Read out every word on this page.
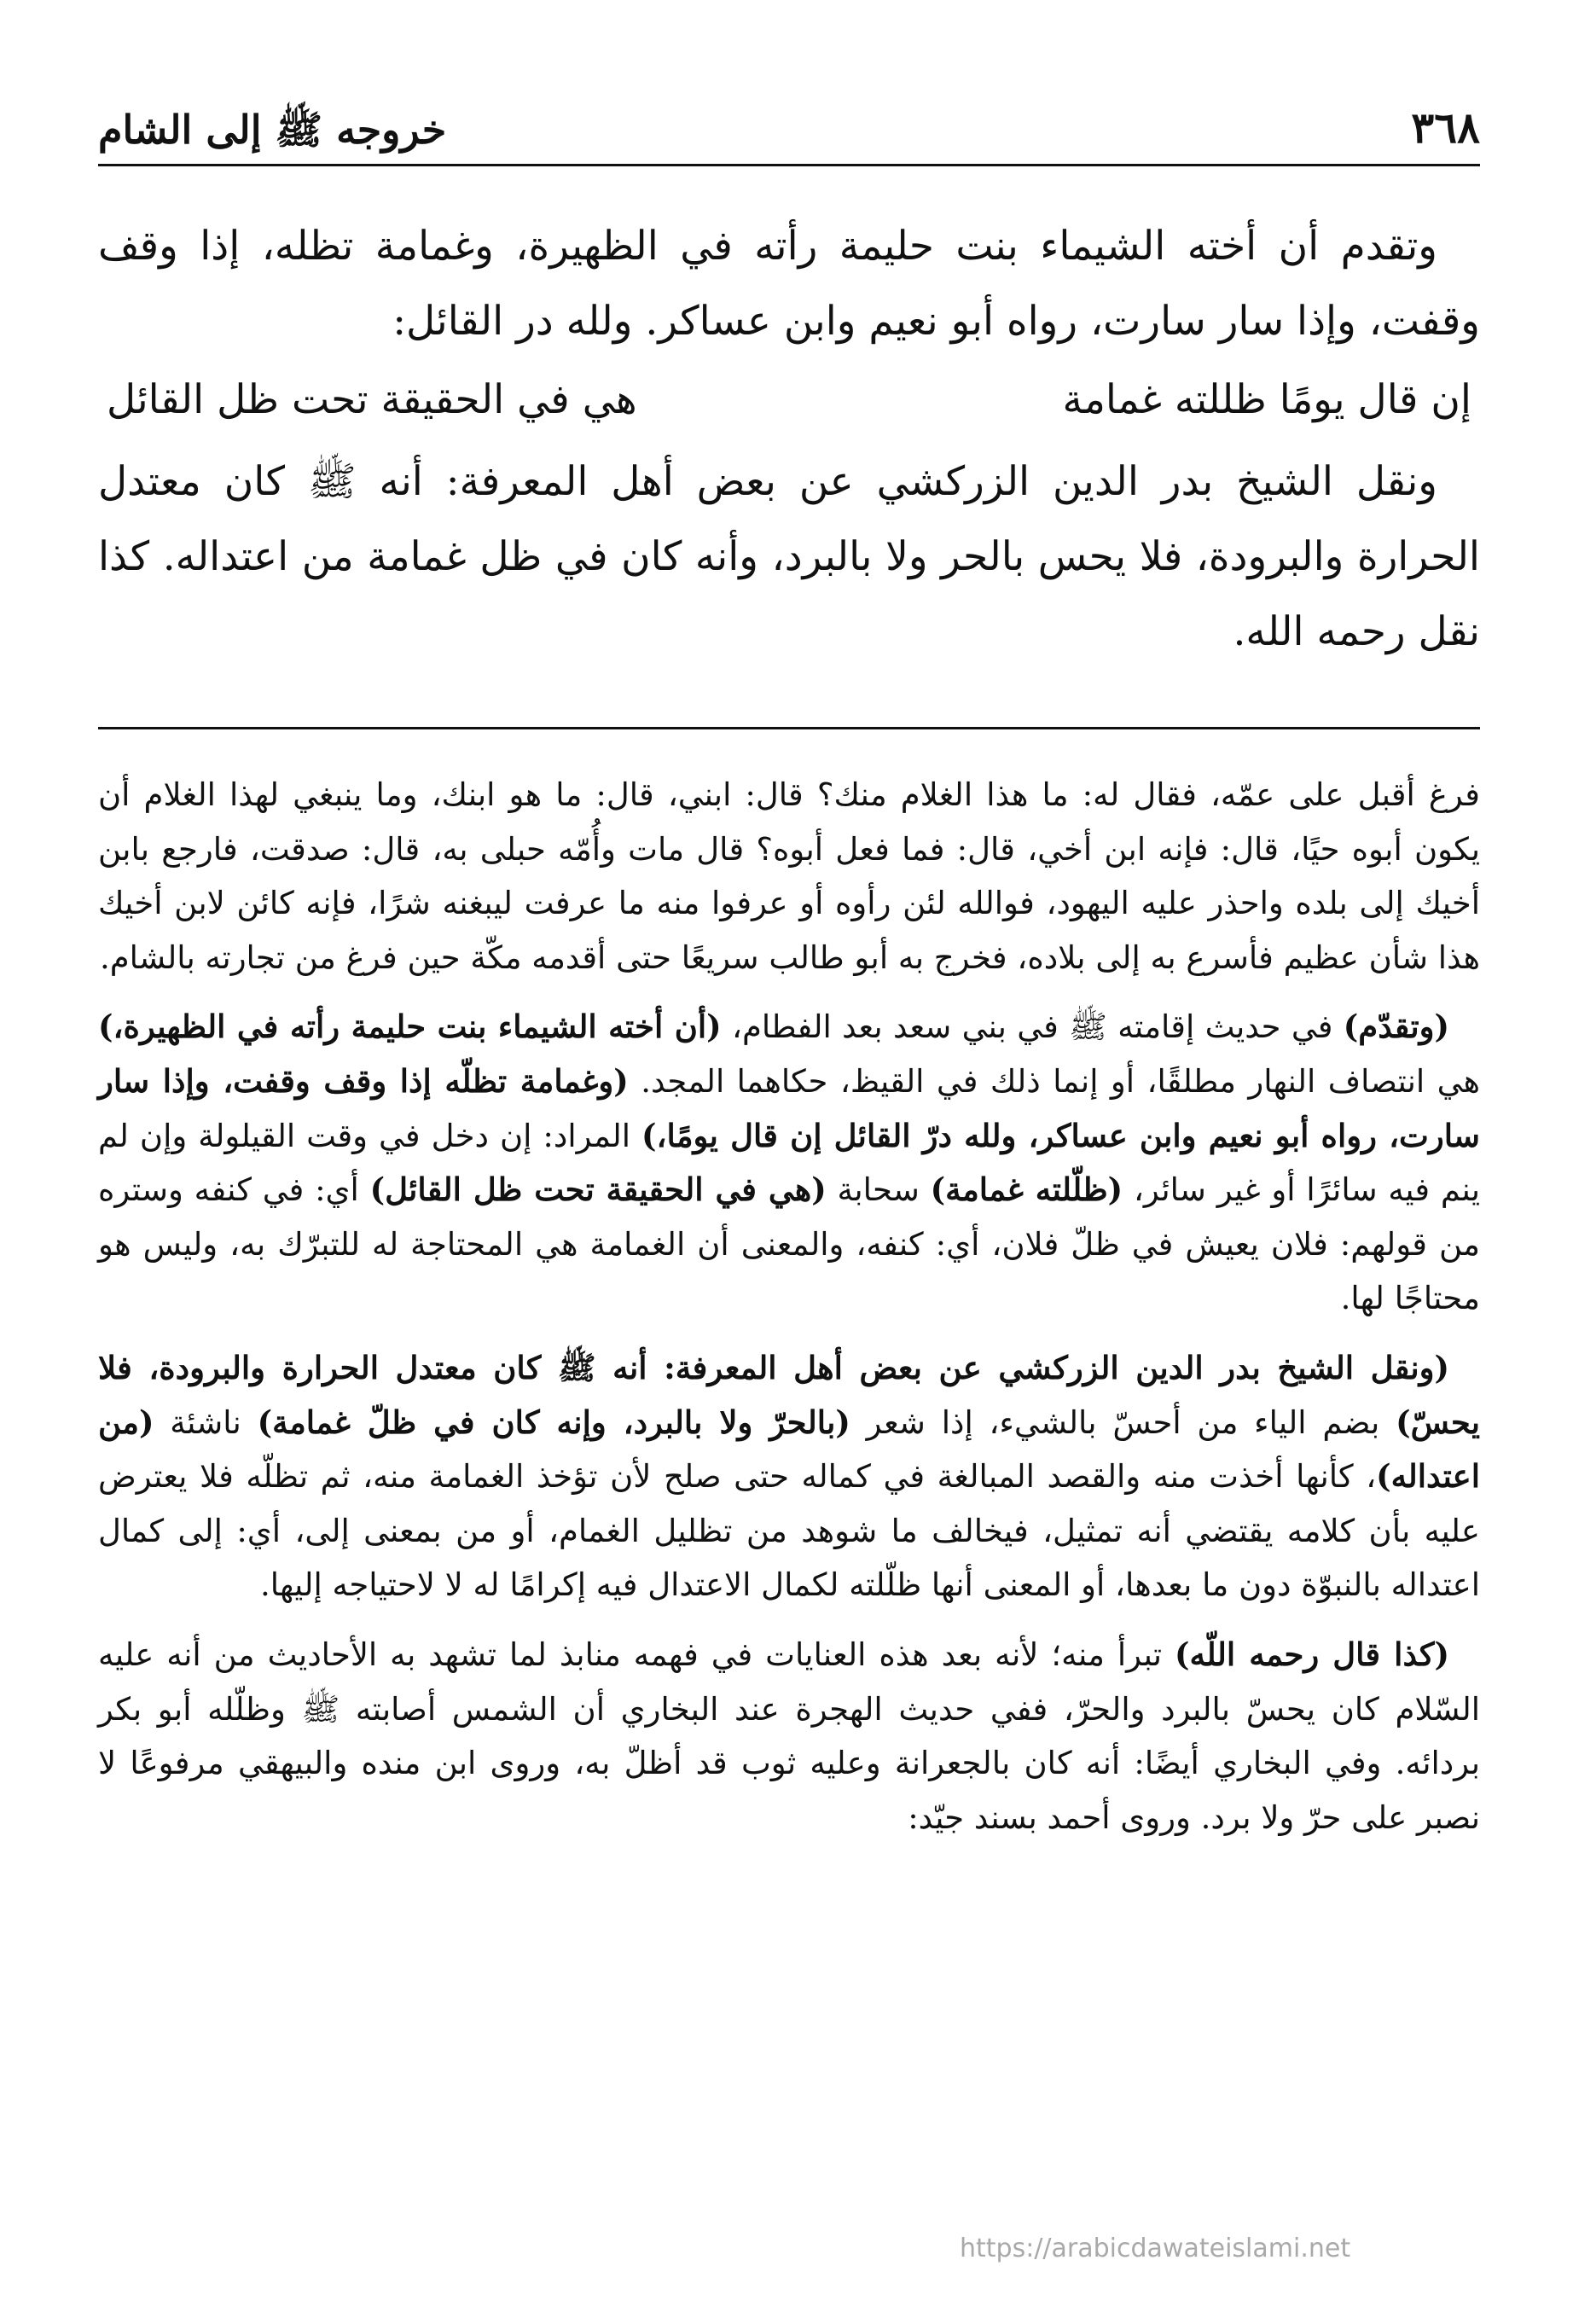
٣٦٨
خروجه ﷺ إلى الشام

وتقدم أن أخته الشيماء بنت حليمة رأته في الظهيرة، وغمامة تظله، إذا وقف وقفت، وإذا سار سارت، رواه أبو نعيم وابن عساكر. ولله در القائل:

إن قال يومًا ظللته غمامة
هي في الحقيقة تحت ظل القائل

ونقل الشيخ بدر الدين الزركشي عن بعض أهل المعرفة: أنه ﷺ كان معتدل الحرارة والبرودة، فلا يحس بالحر ولا بالبرد، وأنه كان في ظل غمامة من اعتداله. كذا نقل رحمه الله.

فرغ أقبل على عمّه، فقال له: ما هذا الغلام منك؟ قال: ابني، قال: ما هو ابنك، وما ينبغي لهذا الغلام أن يكون أبوه حيًا، قال: فإنه ابن أخي، قال: فما فعل أبوه؟ قال مات وأُمّه حبلى به، قال: صدقت، فارجع بابن أخيك إلى بلده واحذر عليه اليهود، فوالله لئن رأوه أو عرفوا منه ما عرفت ليبغنه شرًا، فإنه كائن لابن أخيك هذا شأن عظيم فأسرع به إلى بلاده، فخرج به أبو طالب سريعًا حتى أقدمه مكّة حين فرغ من تجارته بالشام.

(وتقدّم) في حديث إقامته ﷺ في بني سعد بعد الفطام، (أن أخته الشيماء بنت حليمة رأته في الظهيرة،) هي انتصاف النهار مطلقًا، أو إنما ذلك في القيظ، حكاهما المجد. (وغمامة تظلّه إذا وقف وقفت، وإذا سار سارت، رواه أبو نعيم وابن عساكر، ولله درّ القائل إن قال يومًا،) المراد: إن دخل في وقت القيلولة وإن لم ينم فيه سائرًا أو غير سائر، (ظلّلته غمامة) سحابة (هي في الحقيقة تحت ظل القائل) أي: في كنفه وستره من قولهم: فلان يعيش في ظلّ فلان، أي: كنفه، والمعنى أن الغمامة هي المحتاجة له للتبرّك به، وليس هو محتاجًا لها.

(ونقل الشيخ بدر الدين الزركشي عن بعض أهل المعرفة: أنه ﷺ كان معتدل الحرارة والبرودة، فلا يحسّ) بضم الياء من أحسّ بالشيء، إذا شعر (بالحرّ ولا بالبرد، وإنه كان في ظلّ غمامة) ناشئة (من اعتداله)، كأنها أخذت منه والقصد المبالغة في كماله حتى صلح لأن تؤخذ الغمامة منه، ثم تظلّه فلا يعترض عليه بأن كلامه يقتضي أنه تمثيل، فيخالف ما شوهد من تظليل الغمام، أو من بمعنى إلى، أي: إلى كمال اعتداله بالنبوّة دون ما بعدها، أو المعنى أنها ظلّلته لكمال الاعتدال فيه إكرامًا له لا لاحتياجه إليها.

(كذا قال رحمه اللّه) تبرأ منه؛ لأنه بعد هذه العنايات في فهمه منابذ لما تشهد به الأحاديث من أنه عليه السّلام كان يحسّ بالبرد والحرّ، ففي حديث الهجرة عند البخاري أن الشمس أصابته ﷺ وظلّله أبو بكر بردائه. وفي البخاري أيضًا: أنه كان بالجعرانة وعليه ثوب قد أظلّ به، وروى ابن منده والبيهقي مرفوعًا لا نصبر على حرّ ولا برد. وروى أحمد بسند جيّد:

https://arabicdawateislami.net
